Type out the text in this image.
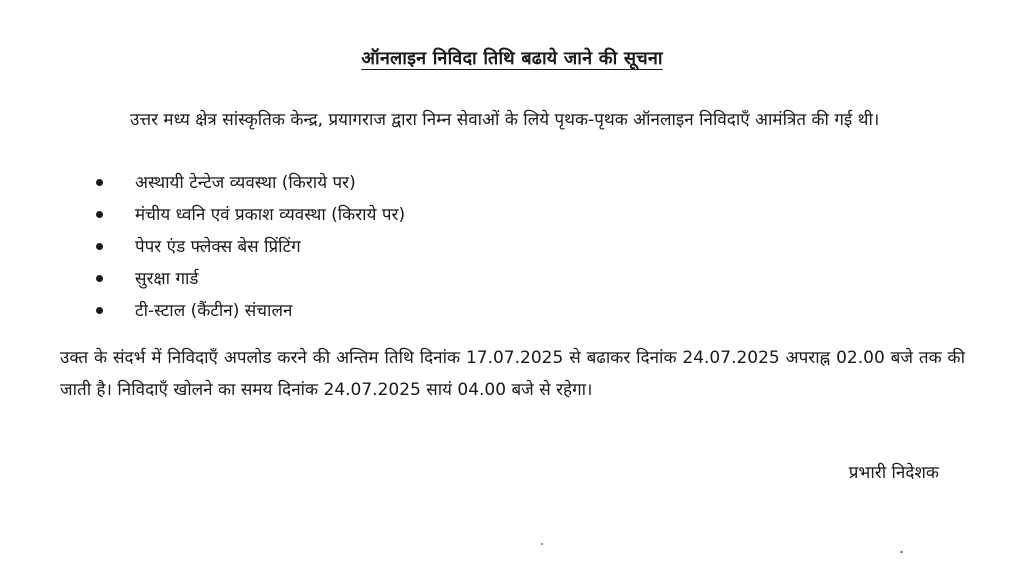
ऑनलाइन निविदा तिथि बढाये जाने की सूचना
उत्तर मध्य क्षेत्र सांस्कृतिक केन्द्र, प्रयागराज द्वारा निम्न सेवाओं के लिये पृथक-पृथक ऑनलाइन निविदाएँ आमंत्रित की गई थी।
अस्थायी टेन्टेज व्यवस्था (किराये पर)
मंचीय ध्वनि एवं प्रकाश व्यवस्था (किराये पर)
पेपर एंड फ्लेक्स बेस प्रिंटिंग
सुरक्षा गार्ड
टी-स्टाल (कैंटीन) संचालन
उक्त के संदर्भ में निविदाएँ अपलोड करने की अन्तिम तिथि दिनांक 17.07.2025 से बढाकर दिनांक 24.07.2025 अपराह्न 02.00 बजे तक की जाती है। निविदाएँ खोलने का समय दिनांक 24.07.2025 सायं 04.00 बजे से रहेगा।
प्रभारी निदेशक
